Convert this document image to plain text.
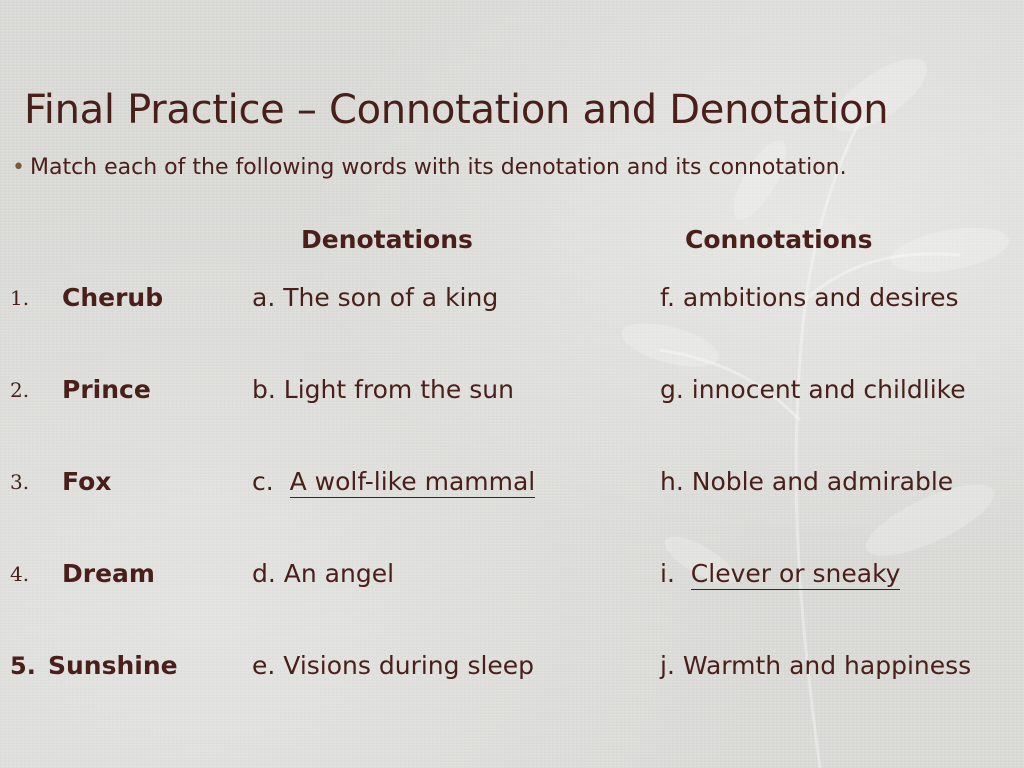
Final Practice – Connotation and Denotation
• Match each of the following words with its denotation and its connotation.
Denotations	Connotations
1. Cherub	a. The son of a king	f. ambitions and desires
2. Prince	b. Light from the sun	g. innocent and childlike
3. Fox	c.  A wolf-like mammal	h. Noble and admirable
4. Dream	d. An angel	i.  Clever or sneaky
5. Sunshine	e. Visions during sleep	j. Warmth and happiness
